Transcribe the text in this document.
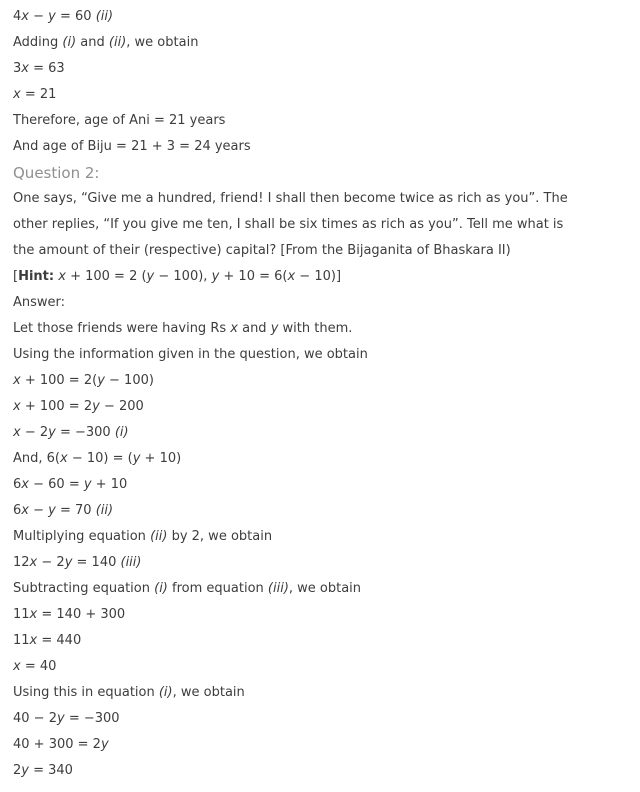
4x − y = 60 (ii)
Adding (i) and (ii), we obtain
3x = 63
x = 21
Therefore, age of Ani = 21 years
And age of Biju = 21 + 3 = 24 years
Question 2:
One says, “Give me a hundred, friend! I shall then become twice as rich as you”. The
other replies, “If you give me ten, I shall be six times as rich as you”. Tell me what is
the amount of their (respective) capital? [From the Bijaganita of Bhaskara II)
[Hint: x + 100 = 2 (y − 100), y + 10 = 6(x − 10)]
Answer:
Let those friends were having Rs x and y with them.
Using the information given in the question, we obtain
x + 100 = 2(y − 100)
x + 100 = 2y − 200
x − 2y = −300 (i)
And, 6(x − 10) = (y + 10)
6x − 60 = y + 10
6x − y = 70 (ii)
Multiplying equation (ii) by 2, we obtain
12x − 2y = 140 (iii)
Subtracting equation (i) from equation (iii), we obtain
11x = 140 + 300
11x = 440
x = 40
Using this in equation (i), we obtain
40 − 2y = −300
40 + 300 = 2y
2y = 340
